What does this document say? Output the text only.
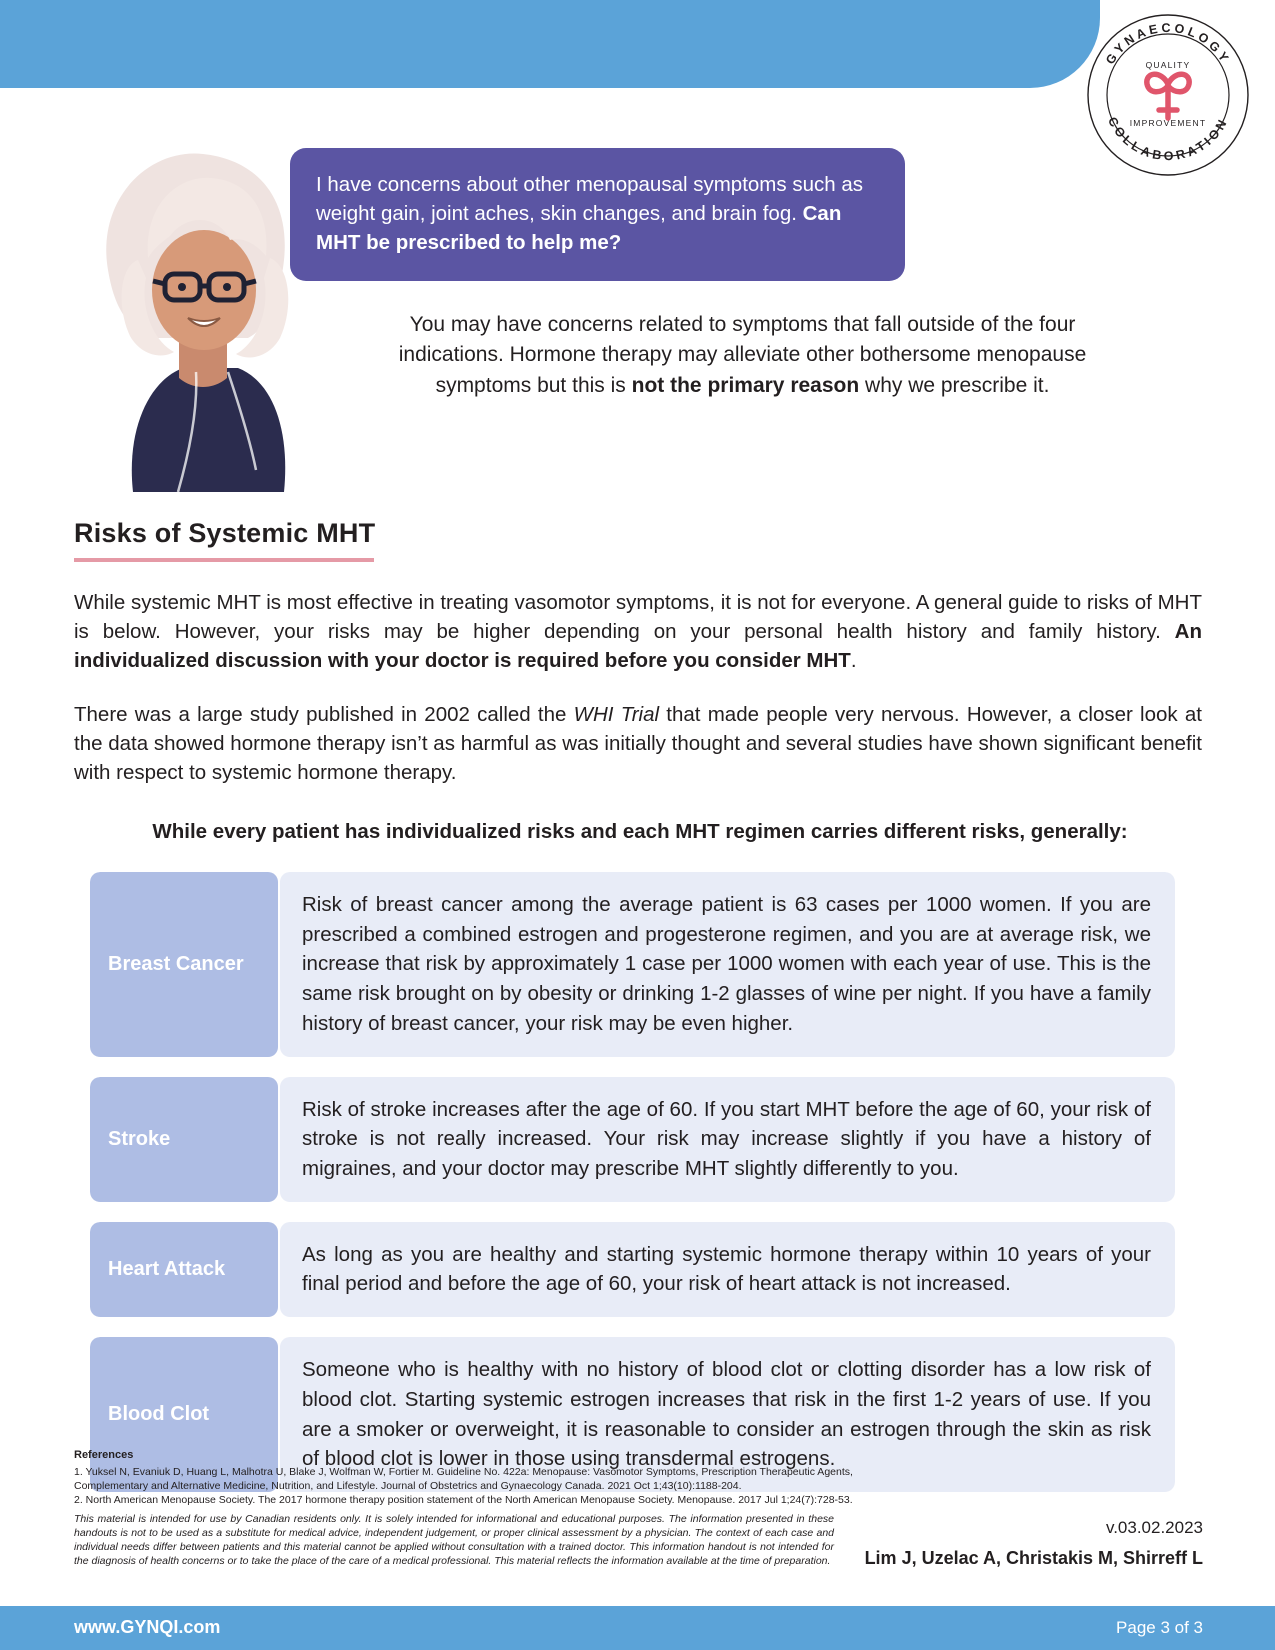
GYNAECOLOGY
COLLABORATION
QUALITY
IMPROVEMENT
I have concerns about other menopausal symptoms such as weight gain, joint aches, skin changes, and brain fog. Can MHT be prescribed to help me?
You may have concerns related to symptoms that fall outside of the four indications. Hormone therapy may alleviate other bothersome menopause symptoms but this is not the primary reason why we prescribe it.
Risks of Systemic MHT
While systemic MHT is most effective in treating vasomotor symptoms, it is not for everyone. A general guide to risks of MHT is below. However, your risks may be higher depending on your personal health history and family history. An individualized discussion with your doctor is required before you consider MHT.
There was a large study published in 2002 called the WHI Trial that made people very nervous. However, a closer look at the data showed hormone therapy isn’t as harmful as was initially thought and several studies have shown significant benefit with respect to systemic hormone therapy.
While every patient has individualized risks and each MHT regimen carries different risks, generally:
Breast Cancer
Risk of breast cancer among the average patient is 63 cases per 1000 women. If you are prescribed a combined estrogen and progesterone regimen, and you are at average risk, we increase that risk by approximately 1 case per 1000 women with each year of use. This is the same risk brought on by obesity or drinking 1-2 glasses of wine per night. If you have a family history of breast cancer, your risk may be even higher.
Stroke
Risk of stroke increases after the age of 60. If you start MHT before the age of 60, your risk of stroke is not really increased. Your risk may increase slightly if you have a history of migraines, and your doctor may prescribe MHT slightly differently to you.
Heart Attack
As long as you are healthy and starting systemic hormone therapy within 10 years of your final period and before the age of 60, your risk of heart attack is not increased.
Blood Clot
Someone who is healthy with no history of blood clot or clotting disorder has a low risk of blood clot. Starting systemic estrogen increases that risk in the first 1-2 years of use. If you are a smoker or overweight, it is reasonable to consider an estrogen through the skin as risk of blood clot is lower in those using transdermal estrogens.
References
1. Yuksel N, Evaniuk D, Huang L, Malhotra U, Blake J, Wolfman W, Fortier M. Guideline No. 422a: Menopause: Vasomotor Symptoms, Prescription Therapeutic Agents, Complementary and Alternative Medicine, Nutrition, and Lifestyle. Journal of Obstetrics and Gynaecology Canada. 2021 Oct 1;43(10):1188-204.
2. North American Menopause Society. The 2017 hormone therapy position statement of the North American Menopause Society. Menopause. 2017 Jul 1;24(7):728-53.
This material is intended for use by Canadian residents only. It is solely intended for informational and educational purposes. The information presented in these handouts is not to be used as a substitute for medical advice, independent judgement, or proper clinical assessment by a physician. The context of each case and individual needs differ between patients and this material cannot be applied without consultation with a trained doctor. This information handout is not intended for the diagnosis of health concerns or to take the place of the care of a medical professional. This material reflects the information available at the time of preparation.
v.03.02.2023
Lim J, Uzelac A, Christakis M, Shirreff L
www.GYNQI.com	Page 3 of 3
